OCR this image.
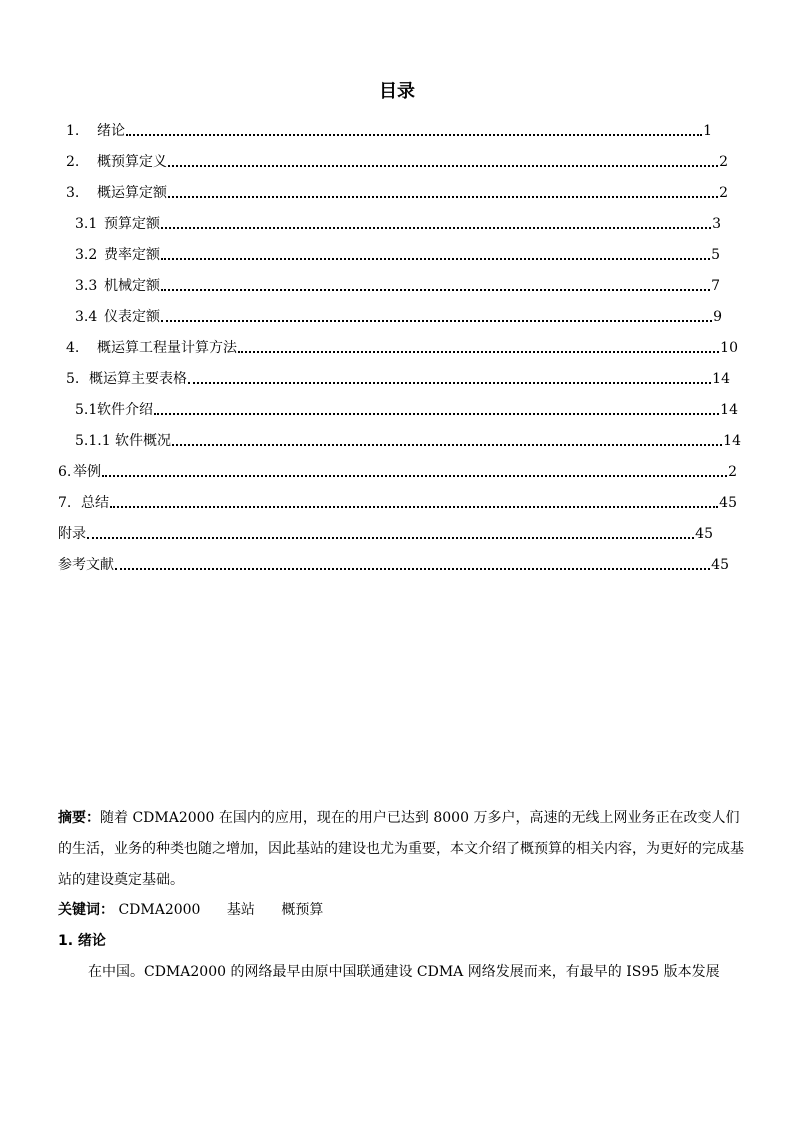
目录
1.	绪论	1
2.	概预算定义	2
3.	概运算定额	2
3.1 预算定额	3
3.2 费率定额	5
3.3 机械定额	7
3.4 仪表定额	9
4.	概运算工程量计算方法	10
5. 概运算主要表格	14
5.1 软件介绍	14
5.1.1 软件概况	14
6. 举例	2
7. 总结	45
附录	45
参考文献	45
摘要：随着 CDMA2000 在国内的应用，现在的用户已达到 8000 万多户，高速的无线上网业务正在改变人们的生活，业务的种类也随之增加，因此基站的建设也尤为重要，本文介绍了概预算的相关内容，为更好的完成基站的建设奠定基础。
关键词： CDMA2000 基站 概预算
1. 绪论
在中国。CDMA2000 的网络最早由原中国联通建设 CDMA 网络发展而来，有最早的 IS95 版本发展
